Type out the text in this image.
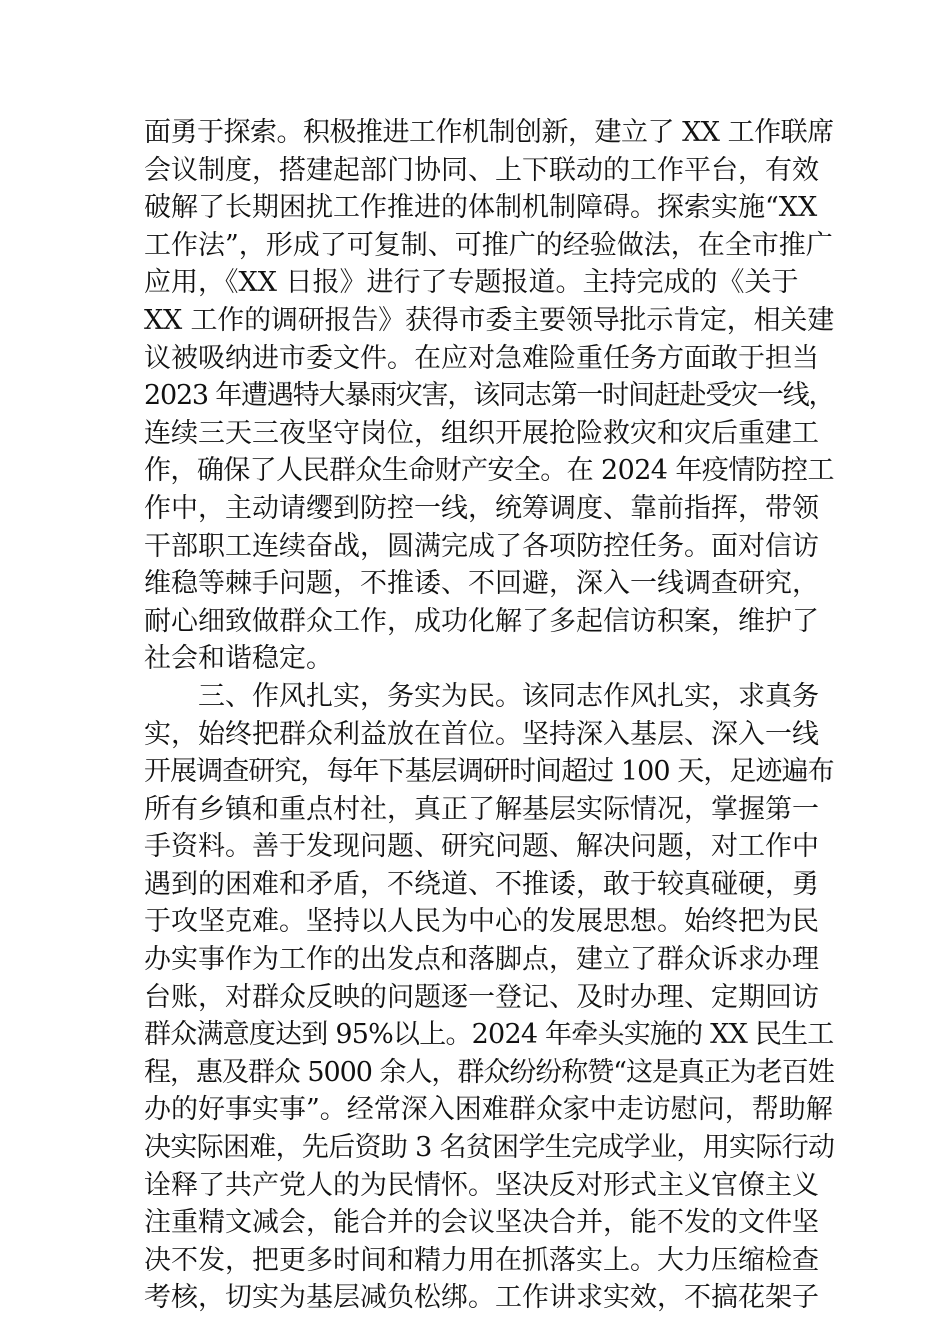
面勇于探索。积极推进工作机制创新，建立了 XX 工作联席
会议制度，搭建起部门协同、上下联动的工作平台，有效
破解了长期困扰工作推进的体制机制障碍。探索实施“XX
工作法”，形成了可复制、可推广的经验做法，在全市推广
应用，《XX 日报》进行了专题报道。主持完成的《关于
XX 工作的调研报告》获得市委主要领导批示肯定，相关建
议被吸纳进市委文件。在应对急难险重任务方面敢于担当
2023 年遭遇特大暴雨灾害，该同志第一时间赶赴受灾一线，
连续三天三夜坚守岗位，组织开展抢险救灾和灾后重建工
作，确保了人民群众生命财产安全。在 2024 年疫情防控工
作中，主动请缨到防控一线，统筹调度、靠前指挥，带领
干部职工连续奋战，圆满完成了各项防控任务。面对信访
维稳等棘手问题，不推诿、不回避，深入一线调查研究，
耐心细致做群众工作，成功化解了多起信访积案，维护了
社会和谐稳定。
三、作风扎实，务实为民。该同志作风扎实，求真务
实，始终把群众利益放在首位。坚持深入基层、深入一线
开展调查研究，每年下基层调研时间超过 100 天，足迹遍布
所有乡镇和重点村社，真正了解基层实际情况，掌握第一
手资料。善于发现问题、研究问题、解决问题，对工作中
遇到的困难和矛盾，不绕道、不推诿，敢于较真碰硬，勇
于攻坚克难。坚持以人民为中心的发展思想。始终把为民
办实事作为工作的出发点和落脚点，建立了群众诉求办理
台账，对群众反映的问题逐一登记、及时办理、定期回访
群众满意度达到 95%以上。2024 年牵头实施的 XX 民生工
程，惠及群众 5000 余人，群众纷纷称赞“这是真正为老百姓
办的好事实事”。经常深入困难群众家中走访慰问，帮助解
决实际困难，先后资助 3 名贫困学生完成学业，用实际行动
诠释了共产党人的为民情怀。坚决反对形式主义官僚主义
注重精文减会，能合并的会议坚决合并，能不发的文件坚
决不发，把更多时间和精力用在抓落实上。大力压缩检查
考核，切实为基层减负松绑。工作讲求实效，不搞花架子
